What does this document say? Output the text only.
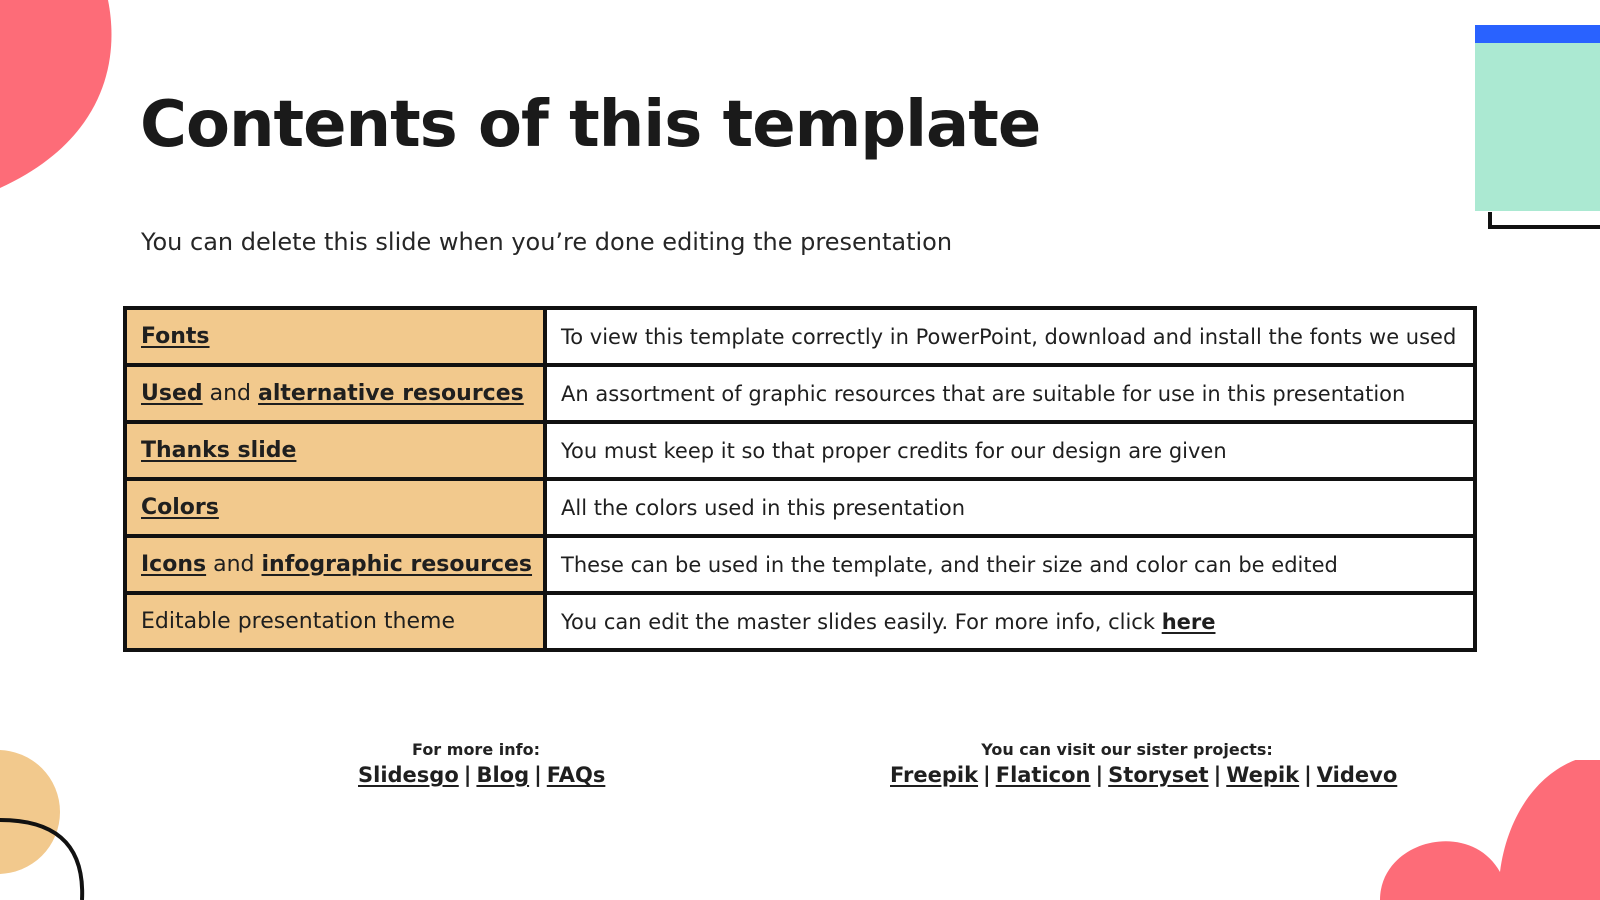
Contents of this template

You can delete this slide when you’re done editing the presentation

Fonts	To view this template correctly in PowerPoint, download and install the fonts we used
Used and alternative resources	An assortment of graphic resources that are suitable for use in this presentation
Thanks slide	You must keep it so that proper credits for our design are given
Colors	All the colors used in this presentation
Icons and infographic resources	These can be used in the template, and their size and color can be edited
Editable presentation theme	You can edit the master slides easily. For more info, click here
For more info:
Slidesgo | Blog | FAQs
You can visit our sister projects:
Freepik | Flaticon | Storyset | Wepik | Videvo
